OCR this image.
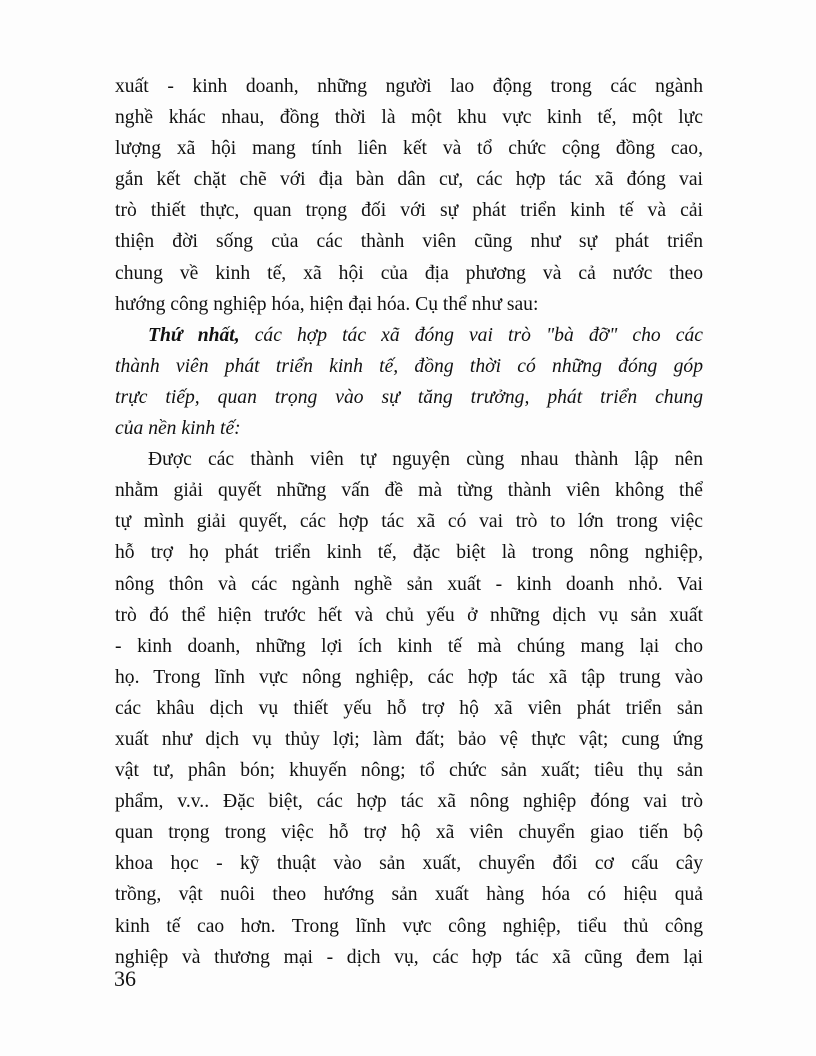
xuất - kinh doanh, những người lao động trong các ngành
nghề khác nhau, đồng thời là một khu vực kinh tế, một lực
lượng xã hội mang tính liên kết và tổ chức cộng đồng cao,
gắn kết chặt chẽ với địa bàn dân cư, các hợp tác xã đóng vai
trò thiết thực, quan trọng đối với sự phát triển kinh tế và cải
thiện đời sống của các thành viên cũng như sự phát triển
chung về kinh tế, xã hội của địa phương và cả nước theo
hướng công nghiệp hóa, hiện đại hóa. Cụ thể như sau:
Thứ nhất, các hợp tác xã đóng vai trò "bà đỡ" cho các
thành viên phát triển kinh tế, đồng thời có những đóng góp
trực tiếp, quan trọng vào sự tăng trưởng, phát triển chung
của nền kinh tế:
Được các thành viên tự nguyện cùng nhau thành lập nên
nhằm giải quyết những vấn đề mà từng thành viên không thể
tự mình giải quyết, các hợp tác xã có vai trò to lớn trong việc
hỗ trợ họ phát triển kinh tế, đặc biệt là trong nông nghiệp,
nông thôn và các ngành nghề sản xuất - kinh doanh nhỏ. Vai
trò đó thể hiện trước hết và chủ yếu ở những dịch vụ sản xuất
- kinh doanh, những lợi ích kinh tế mà chúng mang lại cho
họ. Trong lĩnh vực nông nghiệp, các hợp tác xã tập trung vào
các khâu dịch vụ thiết yếu hỗ trợ hộ xã viên phát triển sản
xuất như dịch vụ thủy lợi; làm đất; bảo vệ thực vật; cung ứng
vật tư, phân bón; khuyến nông; tổ chức sản xuất; tiêu thụ sản
phẩm, v.v.. Đặc biệt, các hợp tác xã nông nghiệp đóng vai trò
quan trọng trong việc hỗ trợ hộ xã viên chuyển giao tiến bộ
khoa học - kỹ thuật vào sản xuất, chuyển đổi cơ cấu cây
trồng, vật nuôi theo hướng sản xuất hàng hóa có hiệu quả
kinh tế cao hơn. Trong lĩnh vực công nghiệp, tiểu thủ công
nghiệp và thương mại - dịch vụ, các hợp tác xã cũng đem lại
36
